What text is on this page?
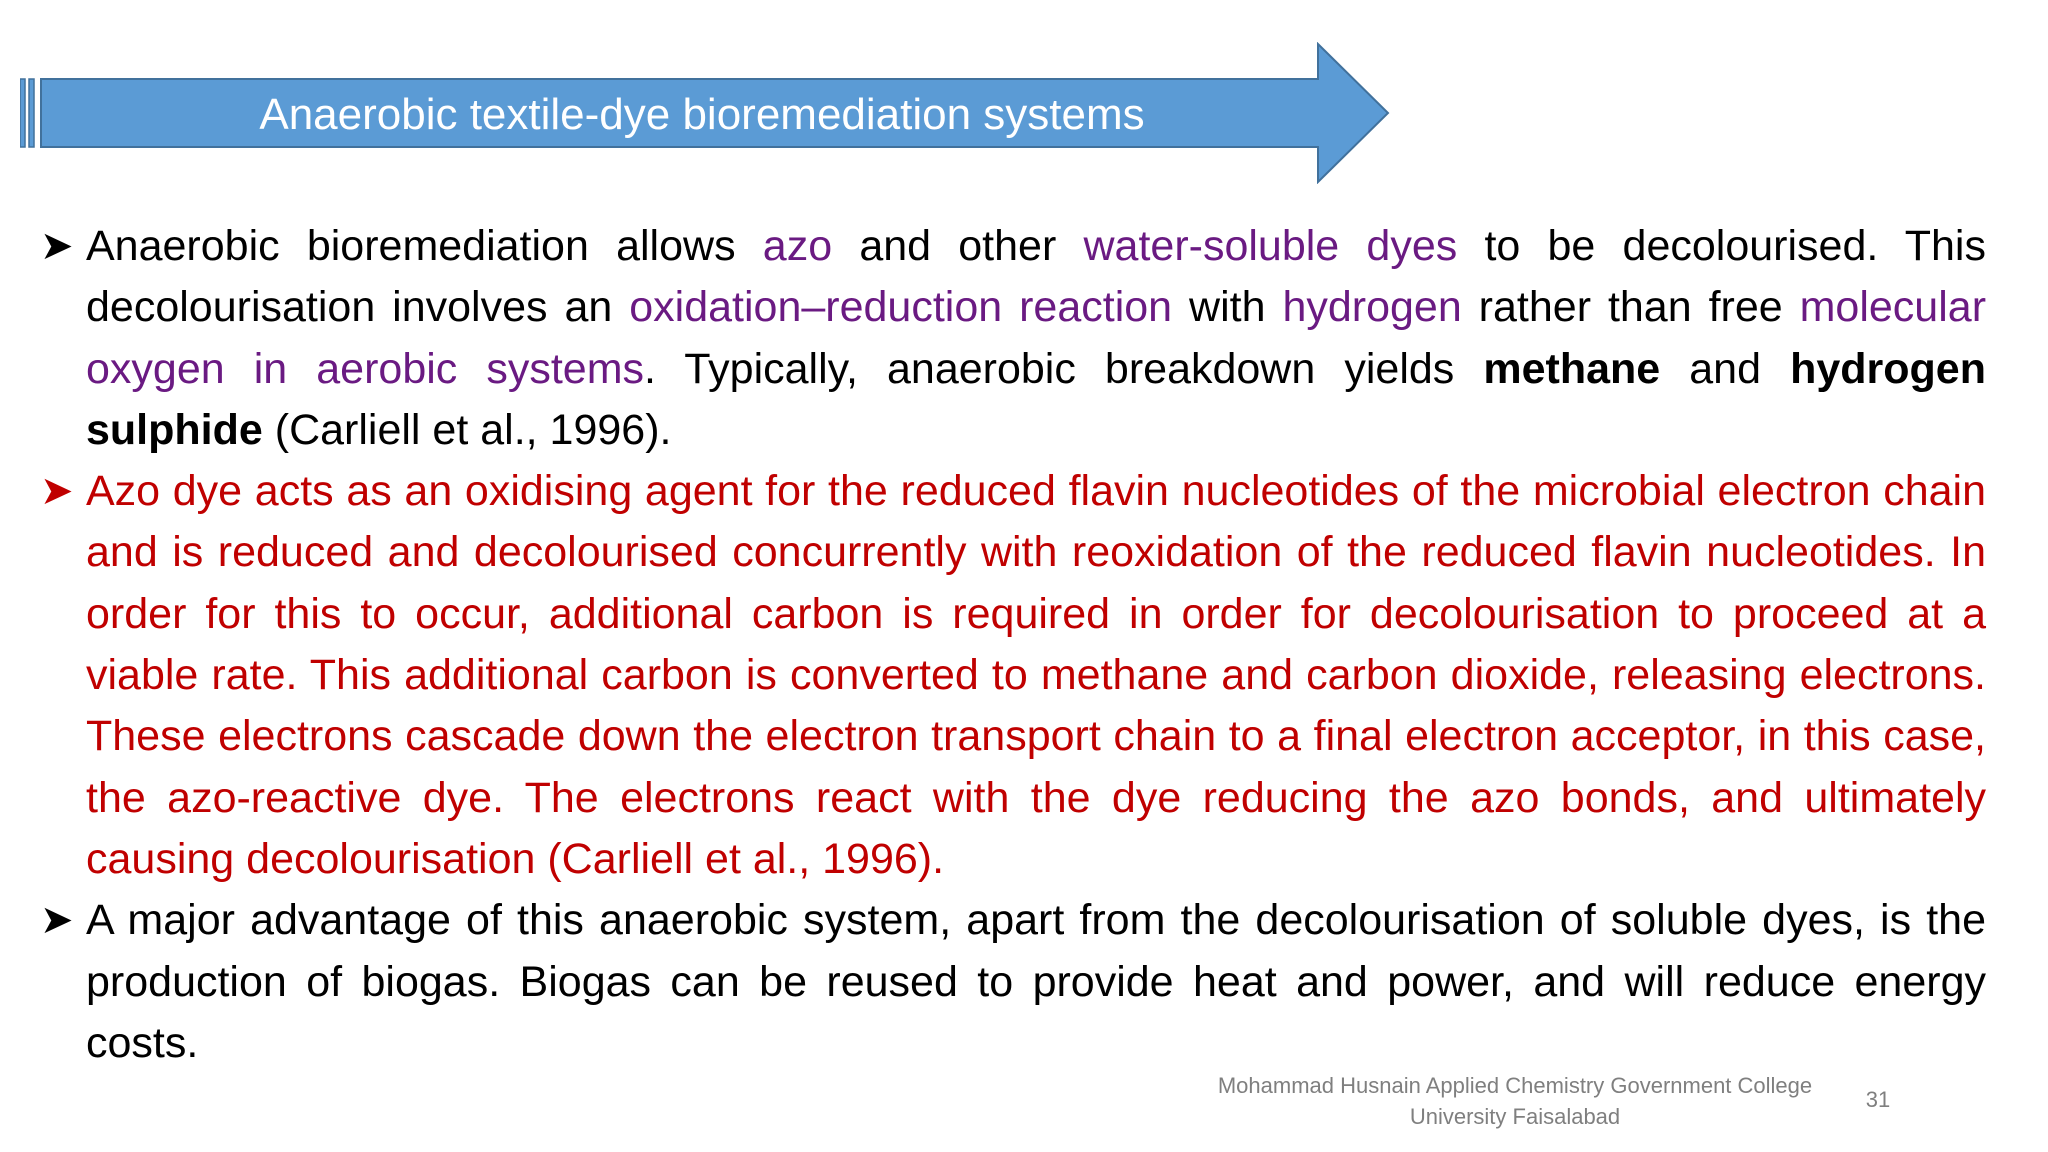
Anaerobic textile-dye bioremediation systems
➤ Anaerobic bioremediation allows azo and other water-soluble dyes to be decolourised. This decolourisation involves an oxidation–reduction reaction with hydrogen rather than free molecular oxygen in aerobic systems. Typically, anaerobic breakdown yields methane and hydrogen sulphide (Carliell et al., 1996).
➤ Azo dye acts as an oxidising agent for the reduced flavin nucleotides of the microbial electron chain and is reduced and decolourised concurrently with reoxidation of the reduced flavin nucleotides. In order for this to occur, additional carbon is required in order for decolourisation to proceed at a viable rate. This additional carbon is converted to methane and carbon dioxide, releasing electrons. These electrons cascade down the electron transport chain to a final electron acceptor, in this case, the azo-reactive dye. The electrons react with the dye reducing the azo bonds, and ultimately causing decolourisation (Carliell et al., 1996).
➤ A major advantage of this anaerobic system, apart from the decolourisation of soluble dyes, is the production of biogas. Biogas can be reused to provide heat and power, and will reduce energy costs.
Mohammad Husnain Applied Chemistry Government College
University Faisalabad
31
